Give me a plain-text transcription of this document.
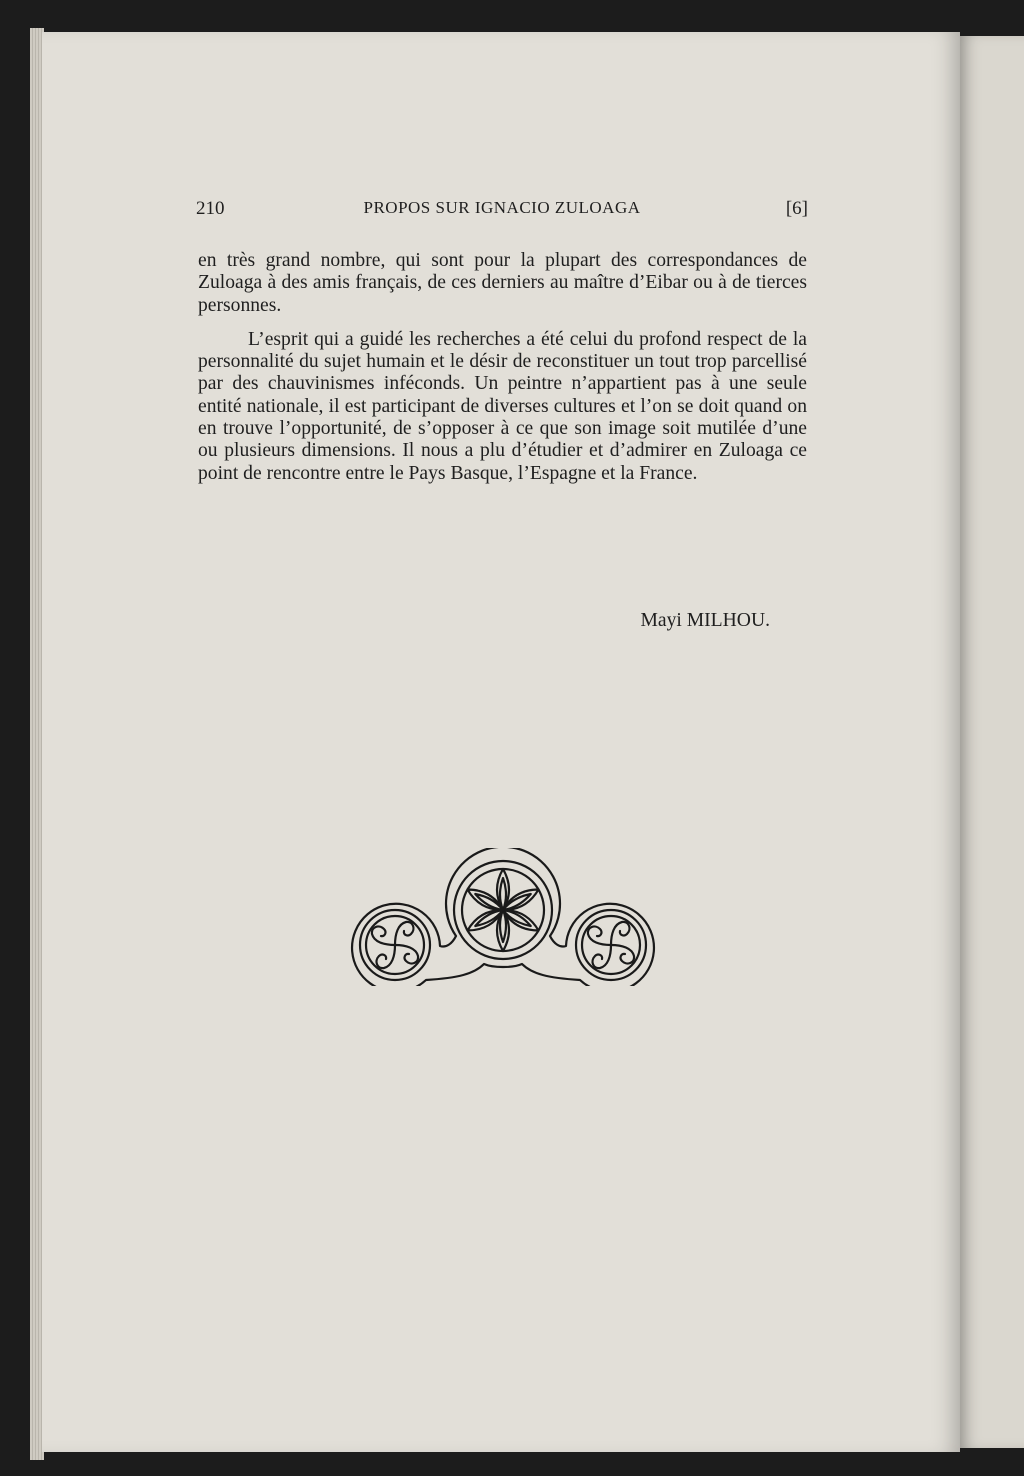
210	PROPOS SUR IGNACIO ZULOAGA	[6]

en très grand nombre, qui sont pour la plupart des correspondances de Zuloaga à des amis français, de ces derniers au maître d’Eibar ou à de tierces personnes.

L’esprit qui a guidé les recherches a été celui du profond respect de la personnalité du sujet humain et le désir de reconstituer un tout trop parcellisé par des chauvinismes inféconds. Un peintre n’appartient pas à une seule entité nationale, il est participant de diverses cultures et l’on se doit quand on en trouve l’opportunité, de s’opposer à ce que son image soit mutilée d’une ou plusieurs dimensions. Il nous a plu d’étudier et d’admirer en Zuloaga ce point de rencontre entre le Pays Basque, l’Espagne et la France.

Mayi MILHOU.
